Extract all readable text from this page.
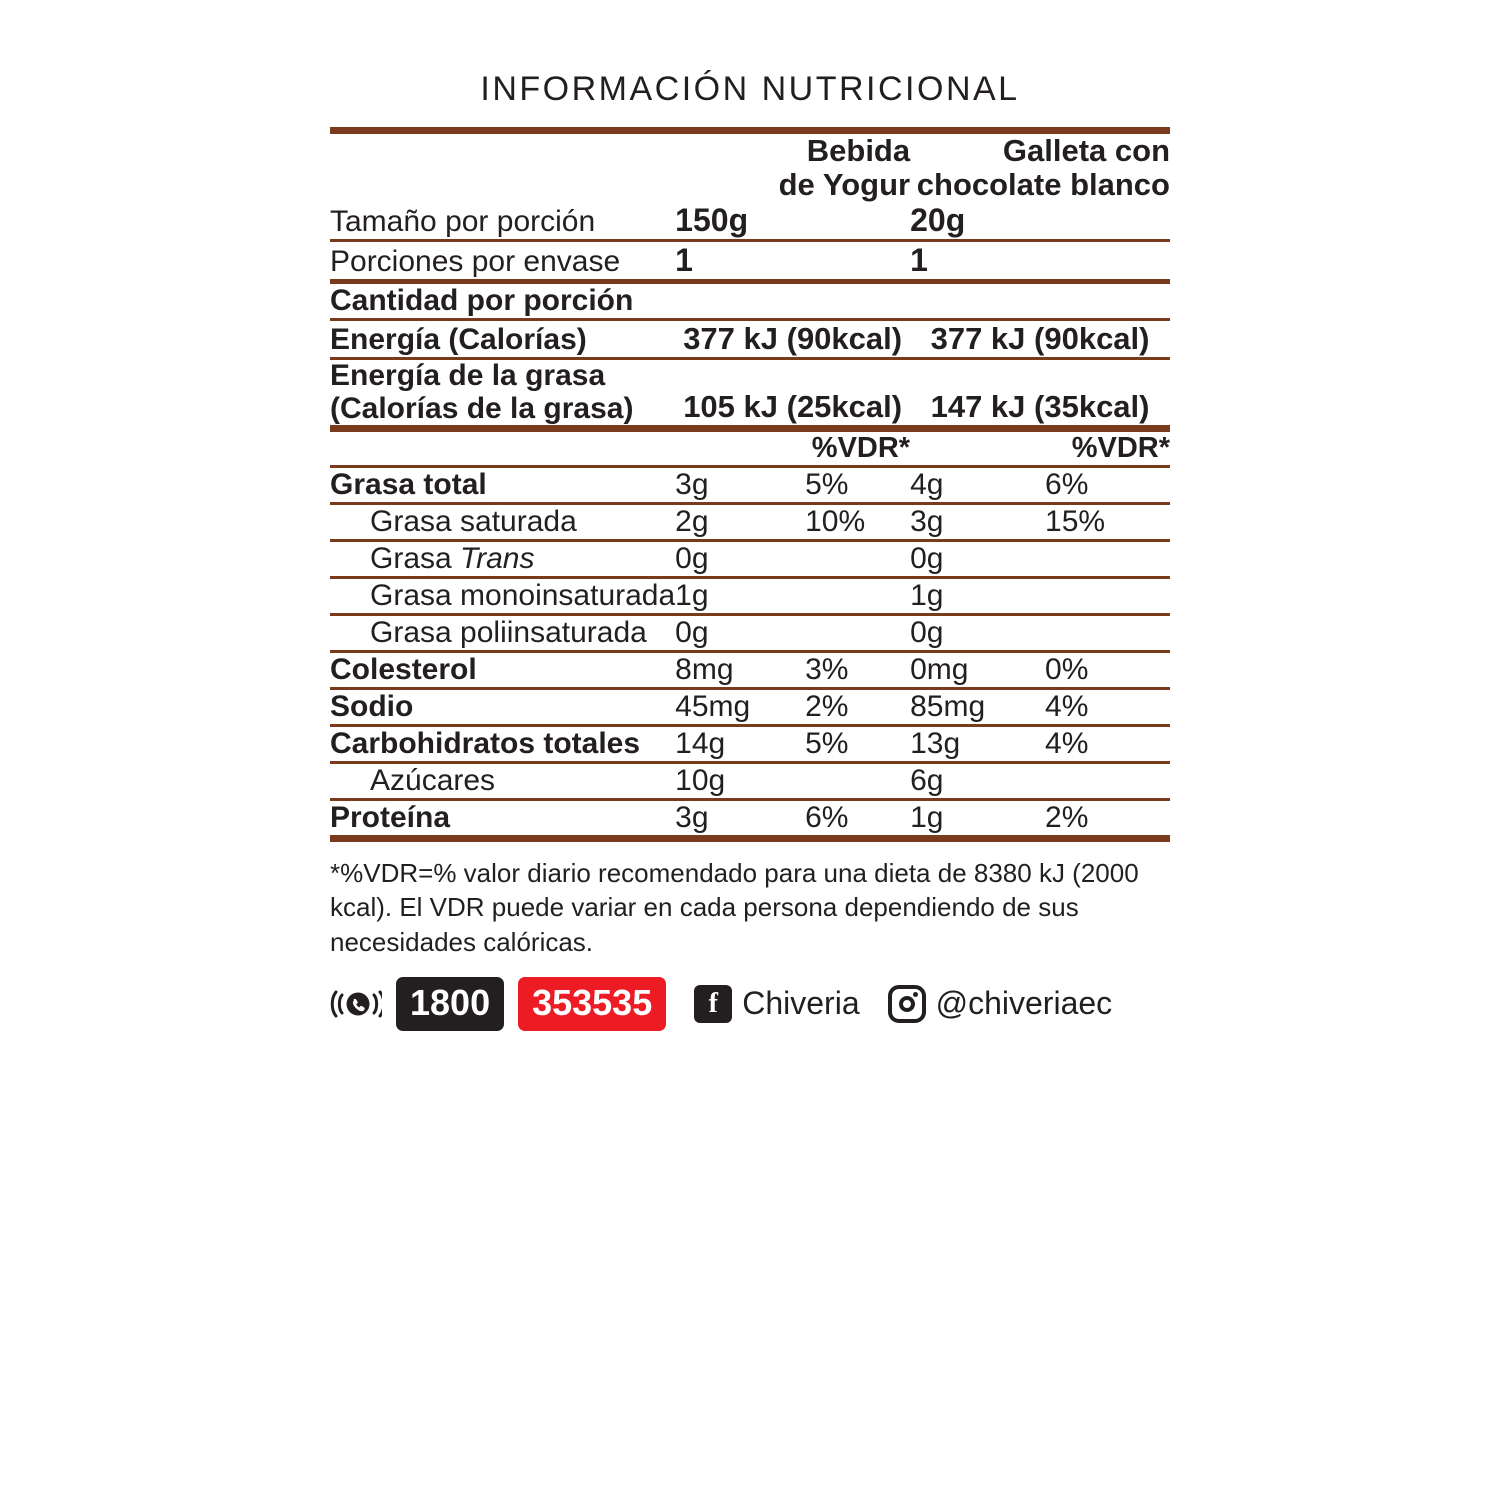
INFORMACIÓN NUTRICIONAL

Bebida
de Yogur

Galleta con
chocolate blanco

Tamaño por porción	150g		20g	
Porciones por envase	1		1	
Cantidad por porción				
Energía (Calorías)	377 kJ (90kcal)		377 kJ (90kcal)	

Energía de la grasa
(Calorías de la grasa)	105 kJ (25kcal)		147 kJ (35kcal)	
		%VDR*		%VDR*
Grasa total	3g	5%	4g	6%
Grasa saturada	2g	10%	3g	15%
Grasa Trans	0g		0g	
Grasa monoinsaturada	1g		1g	
Grasa poliinsaturada	0g		0g	
Colesterol	8mg	3%	0mg	0%
Sodio	45mg	2%	85mg	4%
Carbohidratos totales	14g	5%	13g	4%
Azúcares	10g		6g	
Proteína	3g	6%	1g	2%
*%VDR=% valor diario recomendado para una dieta de 8380 kJ (2000 kcal). El VDR puede variar en cada persona dependiendo de sus necesidades calóricas.
1800	353535	f Chiveria @chiveriaec
